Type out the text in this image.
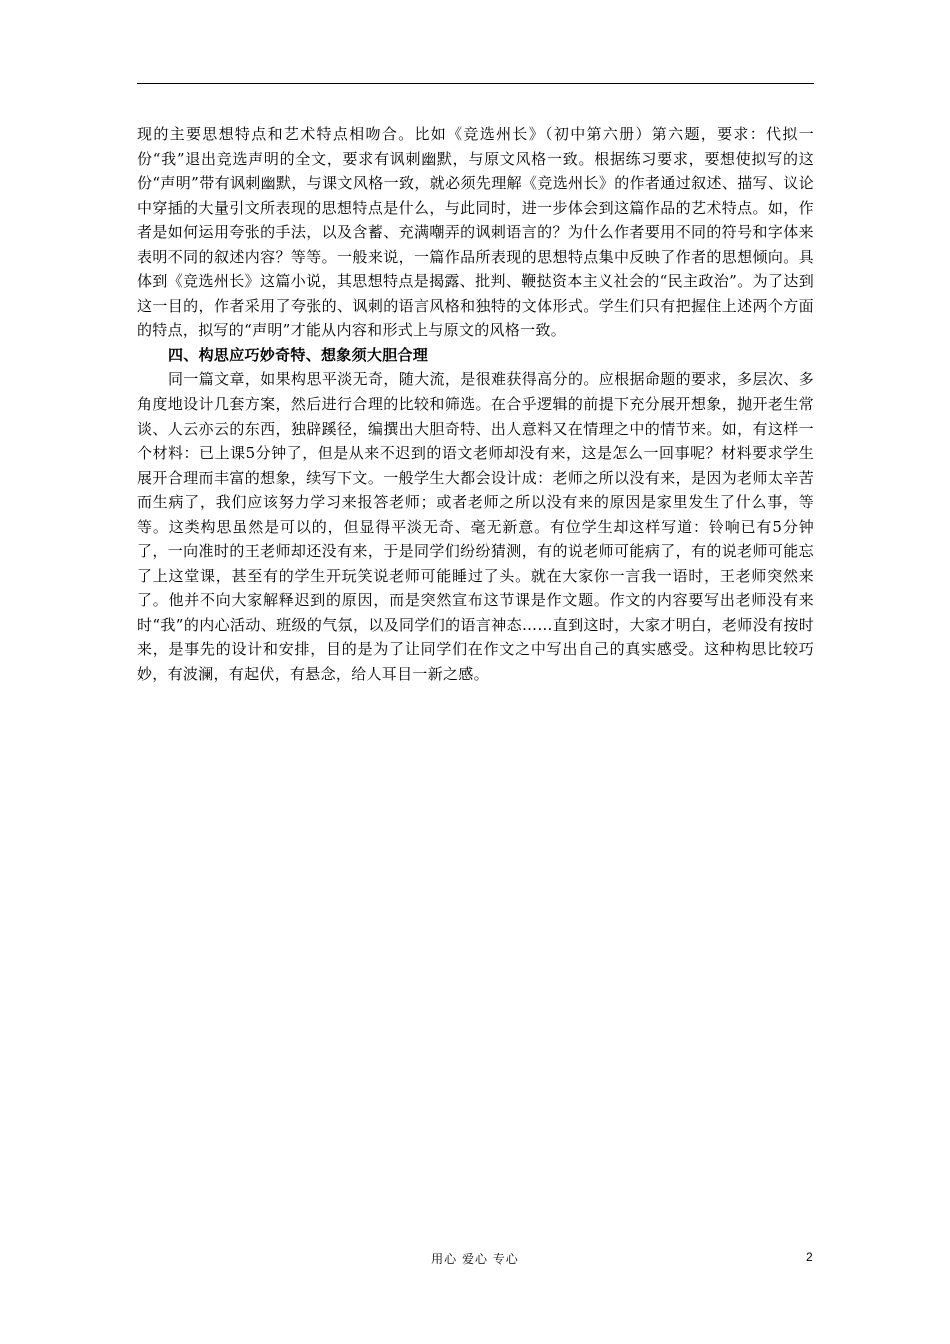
现的主要思想特点和艺术特点相吻合。比如《竞选州长》（初中第六册）第六题，要求：代拟一份“我”退出竞选声明的全文，要求有讽刺幽默，与原文风格一致。根据练习要求，要想使拟写的这份“声明”带有讽刺幽默，与课文风格一致，就必须先理解《竞选州长》的作者通过叙述、描写、议论中穿插的大量引文所表现的思想特点是什么，与此同时，进一步体会到这篇作品的艺术特点。如，作者是如何运用夸张的手法，以及含蓄、充满嘲弄的讽刺语言的？为什么作者要用不同的符号和字体来表明不同的叙述内容？等等。一般来说，一篇作品所表现的思想特点集中反映了作者的思想倾向。具体到《竞选州长》这篇小说，其思想特点是揭露、批判、鞭挞资本主义社会的“民主政治”。为了达到这一目的，作者采用了夸张的、讽刺的语言风格和独特的文体形式。学生们只有把握住上述两个方面的特点，拟写的“声明”才能从内容和形式上与原文的风格一致。

四、构思应巧妙奇特、想象须大胆合理

同一篇文章，如果构思平淡无奇，随大流，是很难获得高分的。应根据命题的要求，多层次、多角度地设计几套方案，然后进行合理的比较和筛选。在合乎逻辑的前提下充分展开想象，抛开老生常谈、人云亦云的东西，独辟蹊径，编撰出大胆奇特、出人意料又在情理之中的情节来。如，有这样一个材料：已上课5分钟了，但是从来不迟到的语文老师却没有来，这是怎么一回事呢？材料要求学生展开合理而丰富的想象，续写下文。一般学生大都会设计成：老师之所以没有来，是因为老师太辛苦而生病了，我们应该努力学习来报答老师；或者老师之所以没有来的原因是家里发生了什么事，等等。这类构思虽然是可以的，但显得平淡无奇、毫无新意。有位学生却这样写道：铃响已有5分钟了，一向准时的王老师却还没有来，于是同学们纷纷猜测，有的说老师可能病了，有的说老师可能忘了上这堂课，甚至有的学生开玩笑说老师可能睡过了头。就在大家你一言我一语时，王老师突然来了。他并不向大家解释迟到的原因，而是突然宣布这节课是作文题。作文的内容要写出老师没有来时“我”的内心活动、班级的气氛，以及同学们的语言神态……直到这时，大家才明白，老师没有按时来，是事先的设计和安排，目的是为了让同学们在作文之中写出自己的真实感受。这种构思比较巧妙，有波澜，有起伏，有悬念，给人耳目一新之感。

用心 爱心 专心	2
